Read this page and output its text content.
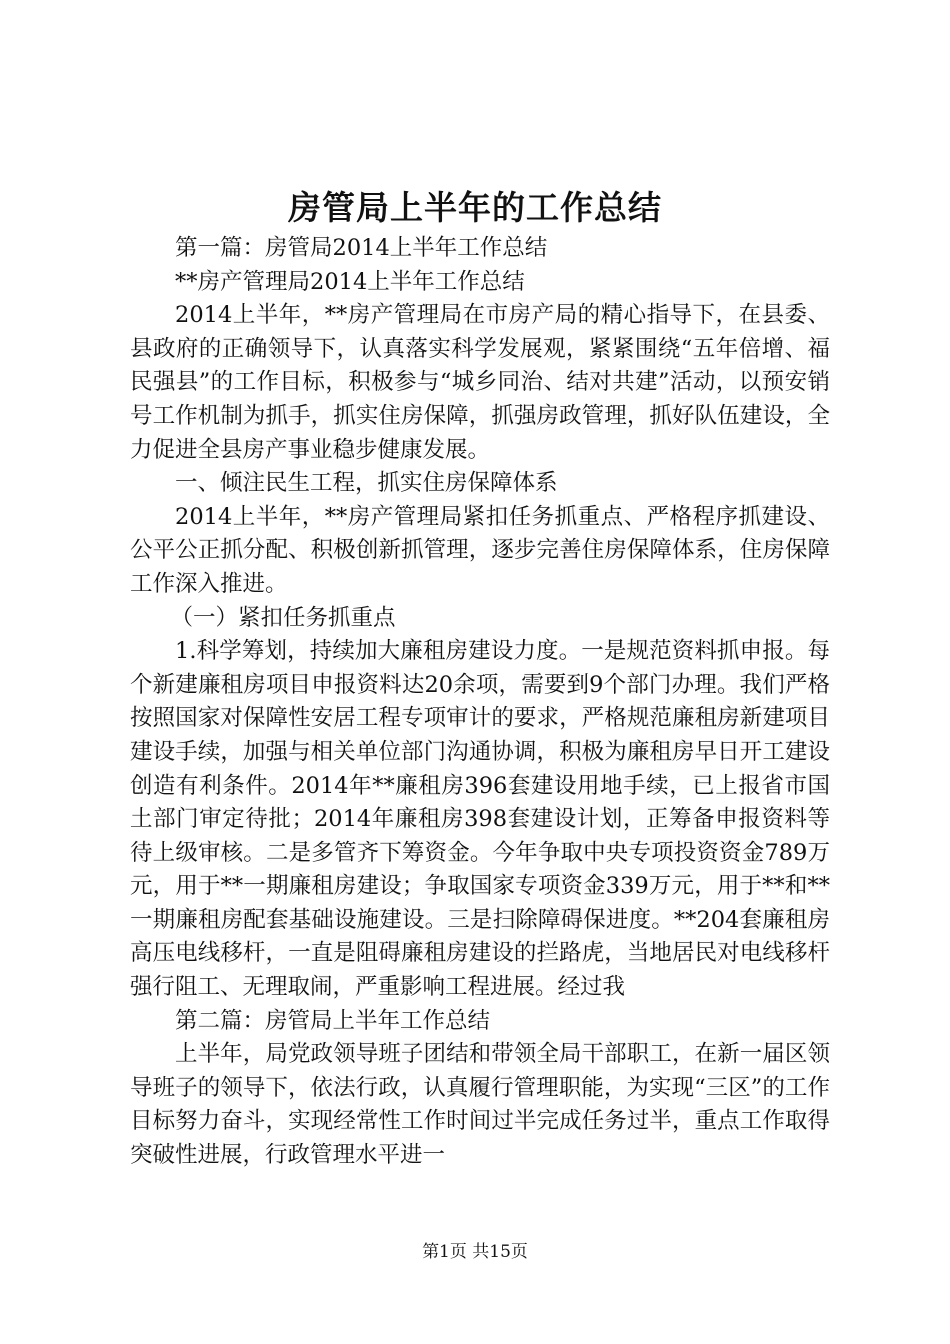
房管局上半年的工作总结

第一篇：房管局2014上半年工作总结

**房产管理局2014上半年工作总结

2014上半年，**房产管理局在市房产局的精心指导下，在县委、县政府的正确领导下，认真落实科学发展观，紧紧围绕“五年倍增、福民强县”的工作目标，积极参与“城乡同治、结对共建”活动，以预安销号工作机制为抓手，抓实住房保障，抓强房政管理，抓好队伍建设，全力促进全县房产事业稳步健康发展。

一、倾注民生工程，抓实住房保障体系

2014上半年，**房产管理局紧扣任务抓重点、严格程序抓建设、公平公正抓分配、积极创新抓管理，逐步完善住房保障体系，住房保障工作深入推进。

（一）紧扣任务抓重点

1.科学筹划，持续加大廉租房建设力度。一是规范资料抓申报。每个新建廉租房项目申报资料达20余项，需要到9个部门办理。我们严格按照国家对保障性安居工程专项审计的要求，严格规范廉租房新建项目建设手续，加强与相关单位部门沟通协调，积极为廉租房早日开工建设创造有利条件。2014年**廉租房396套建设用地手续，已上报省市国土部门审定待批；2014年廉租房398套建设计划，正筹备申报资料等待上级审核。二是多管齐下筹资金。今年争取中央专项投资资金789万元，用于**一期廉租房建设；争取国家专项资金339万元，用于**和**一期廉租房配套基础设施建设。三是扫除障碍保进度。**204套廉租房高压电线移杆，一直是阻碍廉租房建设的拦路虎，当地居民对电线移杆强行阻工、无理取闹，严重影响工程进展。经过我

第二篇：房管局上半年工作总结

上半年，局党政领导班子团结和带领全局干部职工，在新一届区领导班子的领导下，依法行政，认真履行管理职能，为实现“三区”的工作目标努力奋斗，实现经常性工作时间过半完成任务过半，重点工作取得突破性进展，行政管理水平进一

第1页 共15页
